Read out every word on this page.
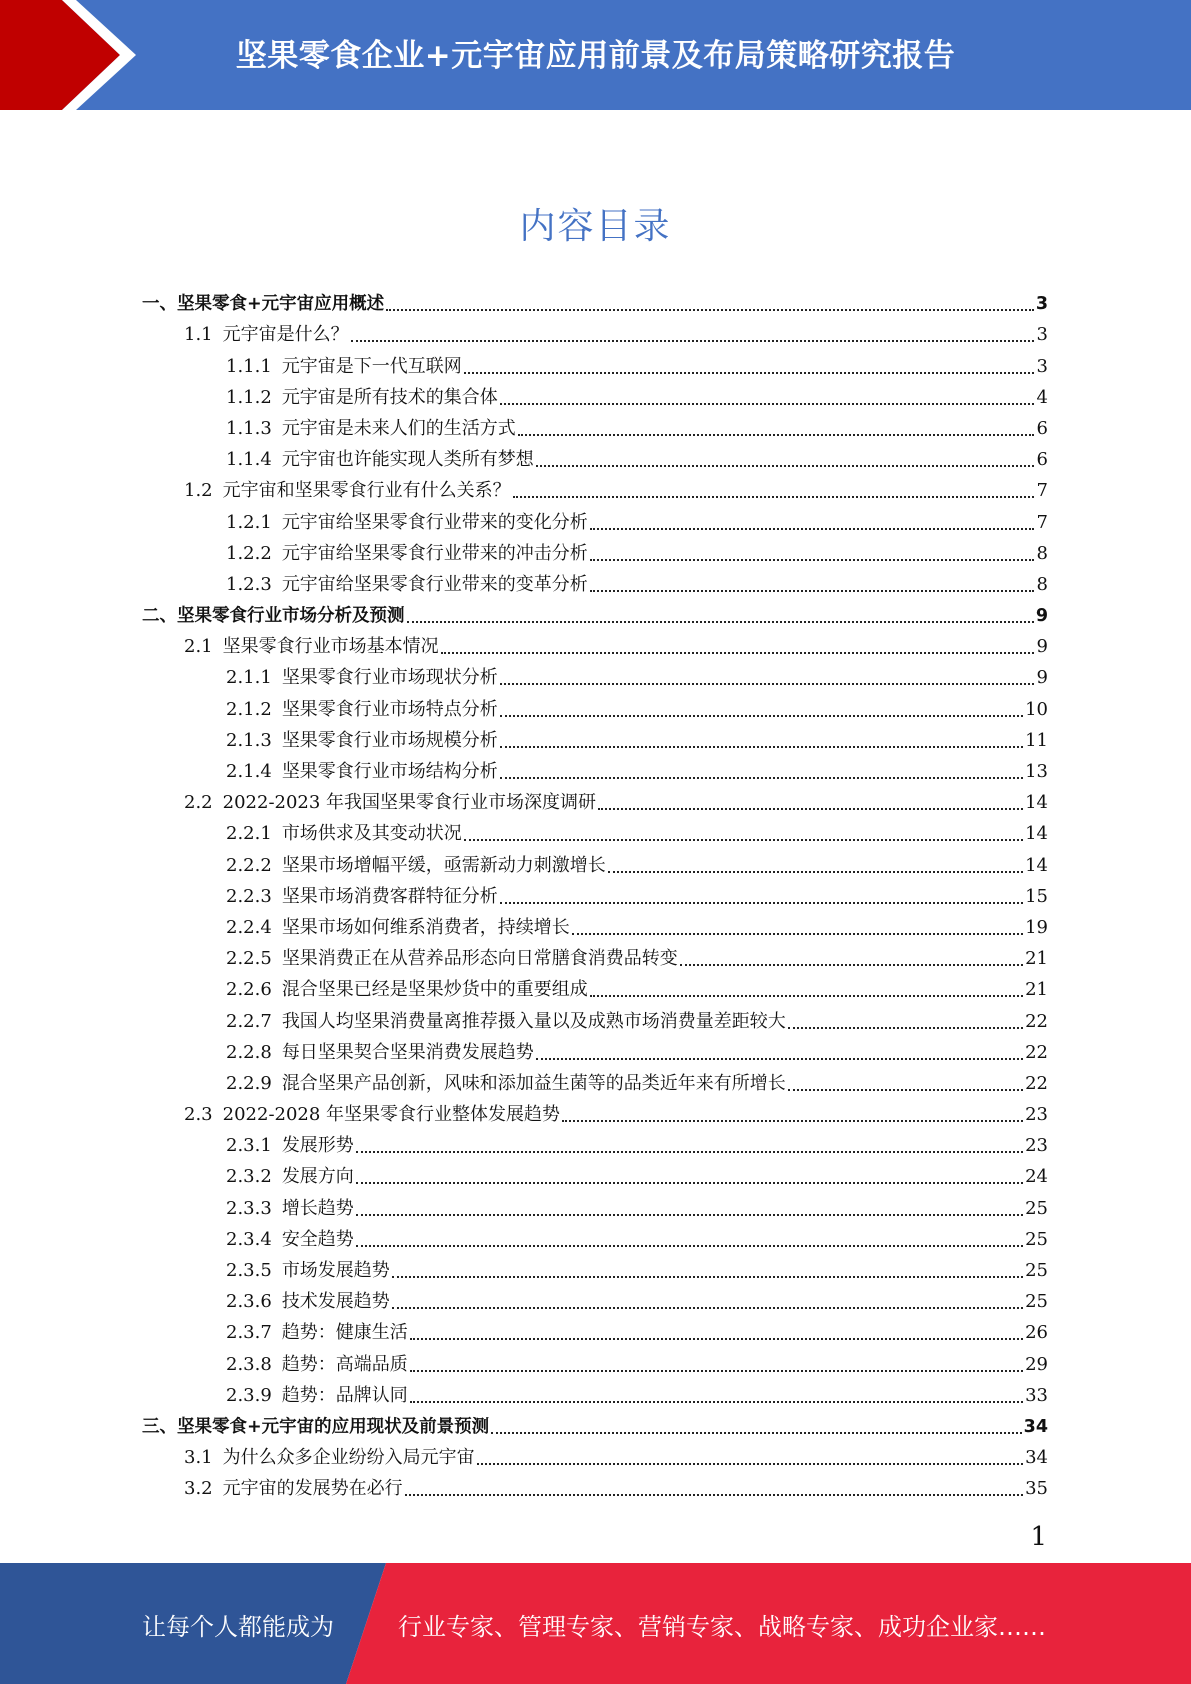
坚果零食企业+元宇宙应用前景及布局策略研究报告
内容目录
一、 坚果零食+元宇宙应用概述	3
1.1 元宇宙是什么？	3
1.1.1 元宇宙是下一代互联网	3
1.1.2 元宇宙是所有技术的集合体	4
1.1.3 元宇宙是未来人们的生活方式	6
1.1.4 元宇宙也许能实现人类所有梦想	6
1.2 元宇宙和坚果零食行业有什么关系？	7
1.2.1 元宇宙给坚果零食行业带来的变化分析	7
1.2.2 元宇宙给坚果零食行业带来的冲击分析	8
1.2.3 元宇宙给坚果零食行业带来的变革分析	8
二、 坚果零食行业市场分析及预测	9
2.1 坚果零食行业市场基本情况	9
2.1.1 坚果零食行业市场现状分析	9
2.1.2 坚果零食行业市场特点分析	10
2.1.3 坚果零食行业市场规模分析	11
2.1.4 坚果零食行业市场结构分析	13
2.2 2022-2023 年我国坚果零食行业市场深度调研	14
2.2.1 市场供求及其变动状况	14
2.2.2 坚果市场增幅平缓，亟需新动力刺激增长	14
2.2.3 坚果市场消费客群特征分析	15
2.2.4 坚果市场如何维系消费者，持续增长	19
2.2.5 坚果消费正在从营养品形态向日常膳食消费品转变	21
2.2.6 混合坚果已经是坚果炒货中的重要组成	21
2.2.7 我国人均坚果消费量离推荐摄入量以及成熟市场消费量差距较大	22
2.2.8 每日坚果契合坚果消费发展趋势	22
2.2.9 混合坚果产品创新，风味和添加益生菌等的品类近年来有所增长	22
2.3 2022-2028 年坚果零食行业整体发展趋势	23
2.3.1 发展形势	23
2.3.2 发展方向	24
2.3.3 增长趋势	25
2.3.4 安全趋势	25
2.3.5 市场发展趋势	25
2.3.6 技术发展趋势	25
2.3.7 趋势：健康生活	26
2.3.8 趋势：高端品质	29
2.3.9 趋势：品牌认同	33
三、 坚果零食+元宇宙的应用现状及前景预测	34
3.1 为什么众多企业纷纷入局元宇宙	34
3.2 元宇宙的发展势在必行	35
1
让每个人都能成为	行业专家、管理专家、营销专家、战略专家、成功企业家……
